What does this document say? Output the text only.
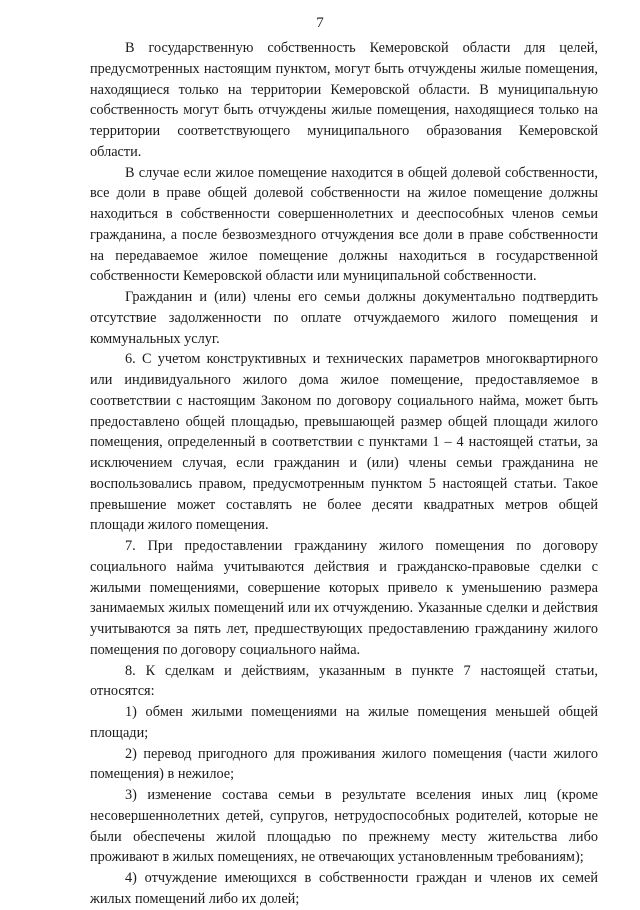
7

В государственную собственность Кемеровской области для целей, предусмотренных настоящим пунктом, могут быть отчуждены жилые помещения, находящиеся только на территории Кемеровской области. В муниципальную собственность могут быть отчуждены жилые помещения, находящиеся только на территории соответствующего муниципального образования Кемеровской области.

В случае если жилое помещение находится в общей долевой собственности, все доли в праве общей долевой собственности на жилое помещение должны находиться в собственности совершеннолетних и дееспособных членов семьи гражданина, а после безвозмездного отчуждения все доли в праве собственности на передаваемое жилое помещение должны находиться в государственной собственности Кемеровской области или муниципальной собственности.

Гражданин и (или) члены его семьи должны документально подтвердить отсутствие задолженности по оплате отчуждаемого жилого помещения и коммунальных услуг.

6. С учетом конструктивных и технических параметров многоквартирного или индивидуального жилого дома жилое помещение, предоставляемое в соответствии с настоящим Законом по договору социального найма, может быть предоставлено общей площадью, превышающей размер общей площади жилого помещения, определенный в соответствии с пунктами 1 – 4 настоящей статьи, за исключением случая, если гражданин и (или) члены семьи гражданина не воспользовались правом, предусмотренным пунктом 5 настоящей статьи. Такое превышение может составлять не более десяти квадратных метров общей площади жилого помещения.

7. При предоставлении гражданину жилого помещения по договору социального найма учитываются действия и гражданско-правовые сделки с жилыми помещениями, совершение которых привело к уменьшению размера занимаемых жилых помещений или их отчуждению. Указанные сделки и действия учитываются за пять лет, предшествующих предоставлению гражданину жилого помещения по договору социального найма.

8. К сделкам и действиям, указанным в пункте 7 настоящей статьи, относятся:

1) обмен жилыми помещениями на жилые помещения меньшей общей площади;

2) перевод пригодного для проживания жилого помещения (части жилого помещения) в нежилое;

3) изменение состава семьи в результате вселения иных лиц (кроме несовершеннолетних детей, супругов, нетрудоспособных родителей, которые не были обеспечены жилой площадью по прежнему месту жительства либо проживают в жилых помещениях, не отвечающих установленным требованиям);

4) отчуждение имеющихся в собственности граждан и членов их семей жилых помещений либо их долей;
